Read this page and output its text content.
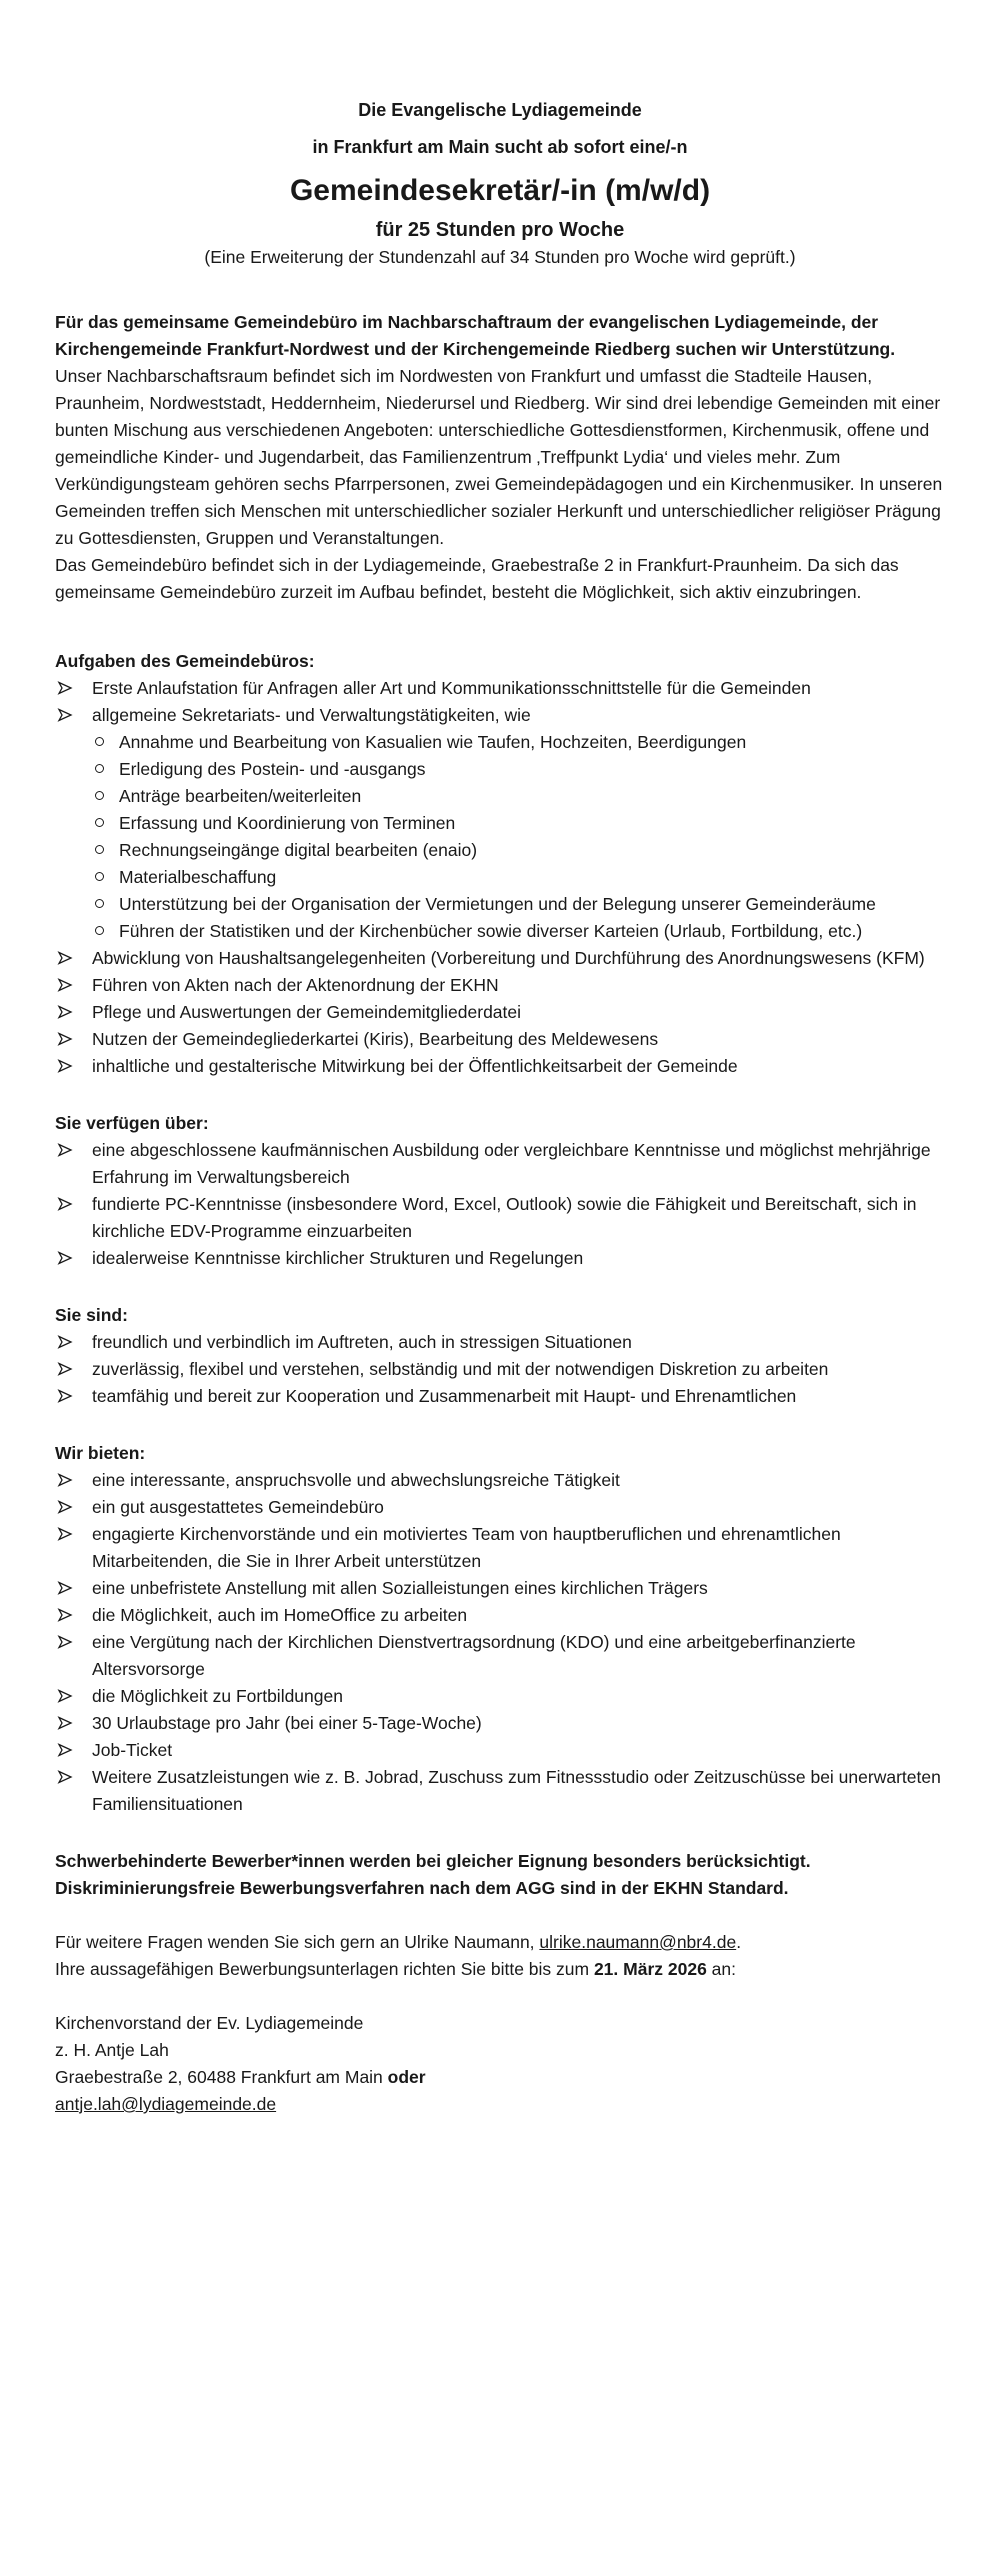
Die Evangelische Lydiagemeinde

in Frankfurt am Main sucht ab sofort eine/-n

Gemeindesekretär/-in (m/w/d)

für 25 Stunden pro Woche

(Eine Erweiterung der Stundenzahl auf 34 Stunden pro Woche wird geprüft.)

Für das gemeinsame Gemeindebüro im Nachbarschaftraum der evangelischen Lydiagemeinde, der Kirchengemeinde Frankfurt-Nordwest und der Kirchengemeinde Riedberg suchen wir Unterstützung.

Unser Nachbarschaftsraum befindet sich im Nordwesten von Frankfurt und umfasst die Stadteile Hausen, Praunheim, Nordweststadt, Heddernheim, Niederursel und Riedberg. Wir sind drei lebendige Gemeinden mit einer bunten Mischung aus verschiedenen Angeboten: unterschiedliche Gottesdienstformen, Kirchenmusik, offene und gemeindliche Kinder- und Jugendarbeit, das Familienzentrum ‚Treffpunkt Lydia‘ und vieles mehr. Zum Verkündigungsteam gehören sechs Pfarrpersonen, zwei Gemeindepädagogen und ein Kirchenmusiker. In unseren Gemeinden treffen sich Menschen mit unterschiedlicher sozialer Herkunft und unterschiedlicher religiöser Prägung zu Gottesdiensten, Gruppen und Veranstaltungen.

Das Gemeindebüro befindet sich in der Lydiagemeinde, Graebestraße 2 in Frankfurt-Praunheim. Da sich das gemeinsame Gemeindebüro zurzeit im Aufbau befindet, besteht die Möglichkeit, sich aktiv einzubringen.

Aufgaben des Gemeindebüros:

Erste Anlaufstation für Anfragen aller Art und Kommunikationsschnittstelle für die Gemeinden
allgemeine Sekretariats- und Verwaltungstätigkeiten, wie
Annahme und Bearbeitung von Kasualien wie Taufen, Hochzeiten, Beerdigungen
Erledigung des Postein- und -ausgangs
Anträge bearbeiten/weiterleiten
Erfassung und Koordinierung von Terminen
Rechnungseingänge digital bearbeiten (enaio)
Materialbeschaffung
Unterstützung bei der Organisation der Vermietungen und der Belegung unserer Gemeinderäume
Führen der Statistiken und der Kirchenbücher sowie diverser Karteien (Urlaub, Fortbildung, etc.)
Abwicklung von Haushaltsangelegenheiten (Vorbereitung und Durchführung des Anordnungswesens (KFM)
Führen von Akten nach der Aktenordnung der EKHN
Pflege und Auswertungen der Gemeindemitgliederdatei
Nutzen der Gemeindegliederkartei (Kiris), Bearbeitung des Meldewesens
inhaltliche und gestalterische Mitwirkung bei der Öffentlichkeitsarbeit der Gemeinde

Sie verfügen über:

eine abgeschlossene kaufmännischen Ausbildung oder vergleichbare Kenntnisse und möglichst mehrjährige Erfahrung im Verwaltungsbereich
fundierte PC-Kenntnisse (insbesondere Word, Excel, Outlook) sowie die Fähigkeit und Bereitschaft, sich in kirchliche EDV-Programme einzuarbeiten
idealerweise Kenntnisse kirchlicher Strukturen und Regelungen

Sie sind:

freundlich und verbindlich im Auftreten, auch in stressigen Situationen
zuverlässig, flexibel und verstehen, selbständig und mit der notwendigen Diskretion zu arbeiten
teamfähig und bereit zur Kooperation und Zusammenarbeit mit Haupt- und Ehrenamtlichen

Wir bieten:

eine interessante, anspruchsvolle und abwechslungsreiche Tätigkeit
ein gut ausgestattetes Gemeindebüro
engagierte Kirchenvorstände und ein motiviertes Team von hauptberuflichen und ehrenamtlichen Mitarbeitenden, die Sie in Ihrer Arbeit unterstützen
eine unbefristete Anstellung mit allen Sozialleistungen eines kirchlichen Trägers
die Möglichkeit, auch im HomeOffice zu arbeiten
eine Vergütung nach der Kirchlichen Dienstvertragsordnung (KDO) und eine arbeitgeberfinanzierte Altersvorsorge
die Möglichkeit zu Fortbildungen
30 Urlaubstage pro Jahr (bei einer 5-Tage-Woche)
Job-Ticket
Weitere Zusatzleistungen wie z. B. Jobrad, Zuschuss zum Fitnessstudio oder Zeitzuschüsse bei unerwarteten Familiensituationen

Schwerbehinderte Bewerber*innen werden bei gleicher Eignung besonders berücksichtigt.

Diskriminierungsfreie Bewerbungsverfahren nach dem AGG sind in der EKHN Standard.

Für weitere Fragen wenden Sie sich gern an Ulrike Naumann, ulrike.naumann@nbr4.de.

Ihre aussagefähigen Bewerbungsunterlagen richten Sie bitte bis zum 21. März 2026 an:

Kirchenvorstand der Ev. Lydiagemeinde

z. H. Antje Lah

Graebestraße 2, 60488 Frankfurt am Main oder

antje.lah@lydiagemeinde.de
